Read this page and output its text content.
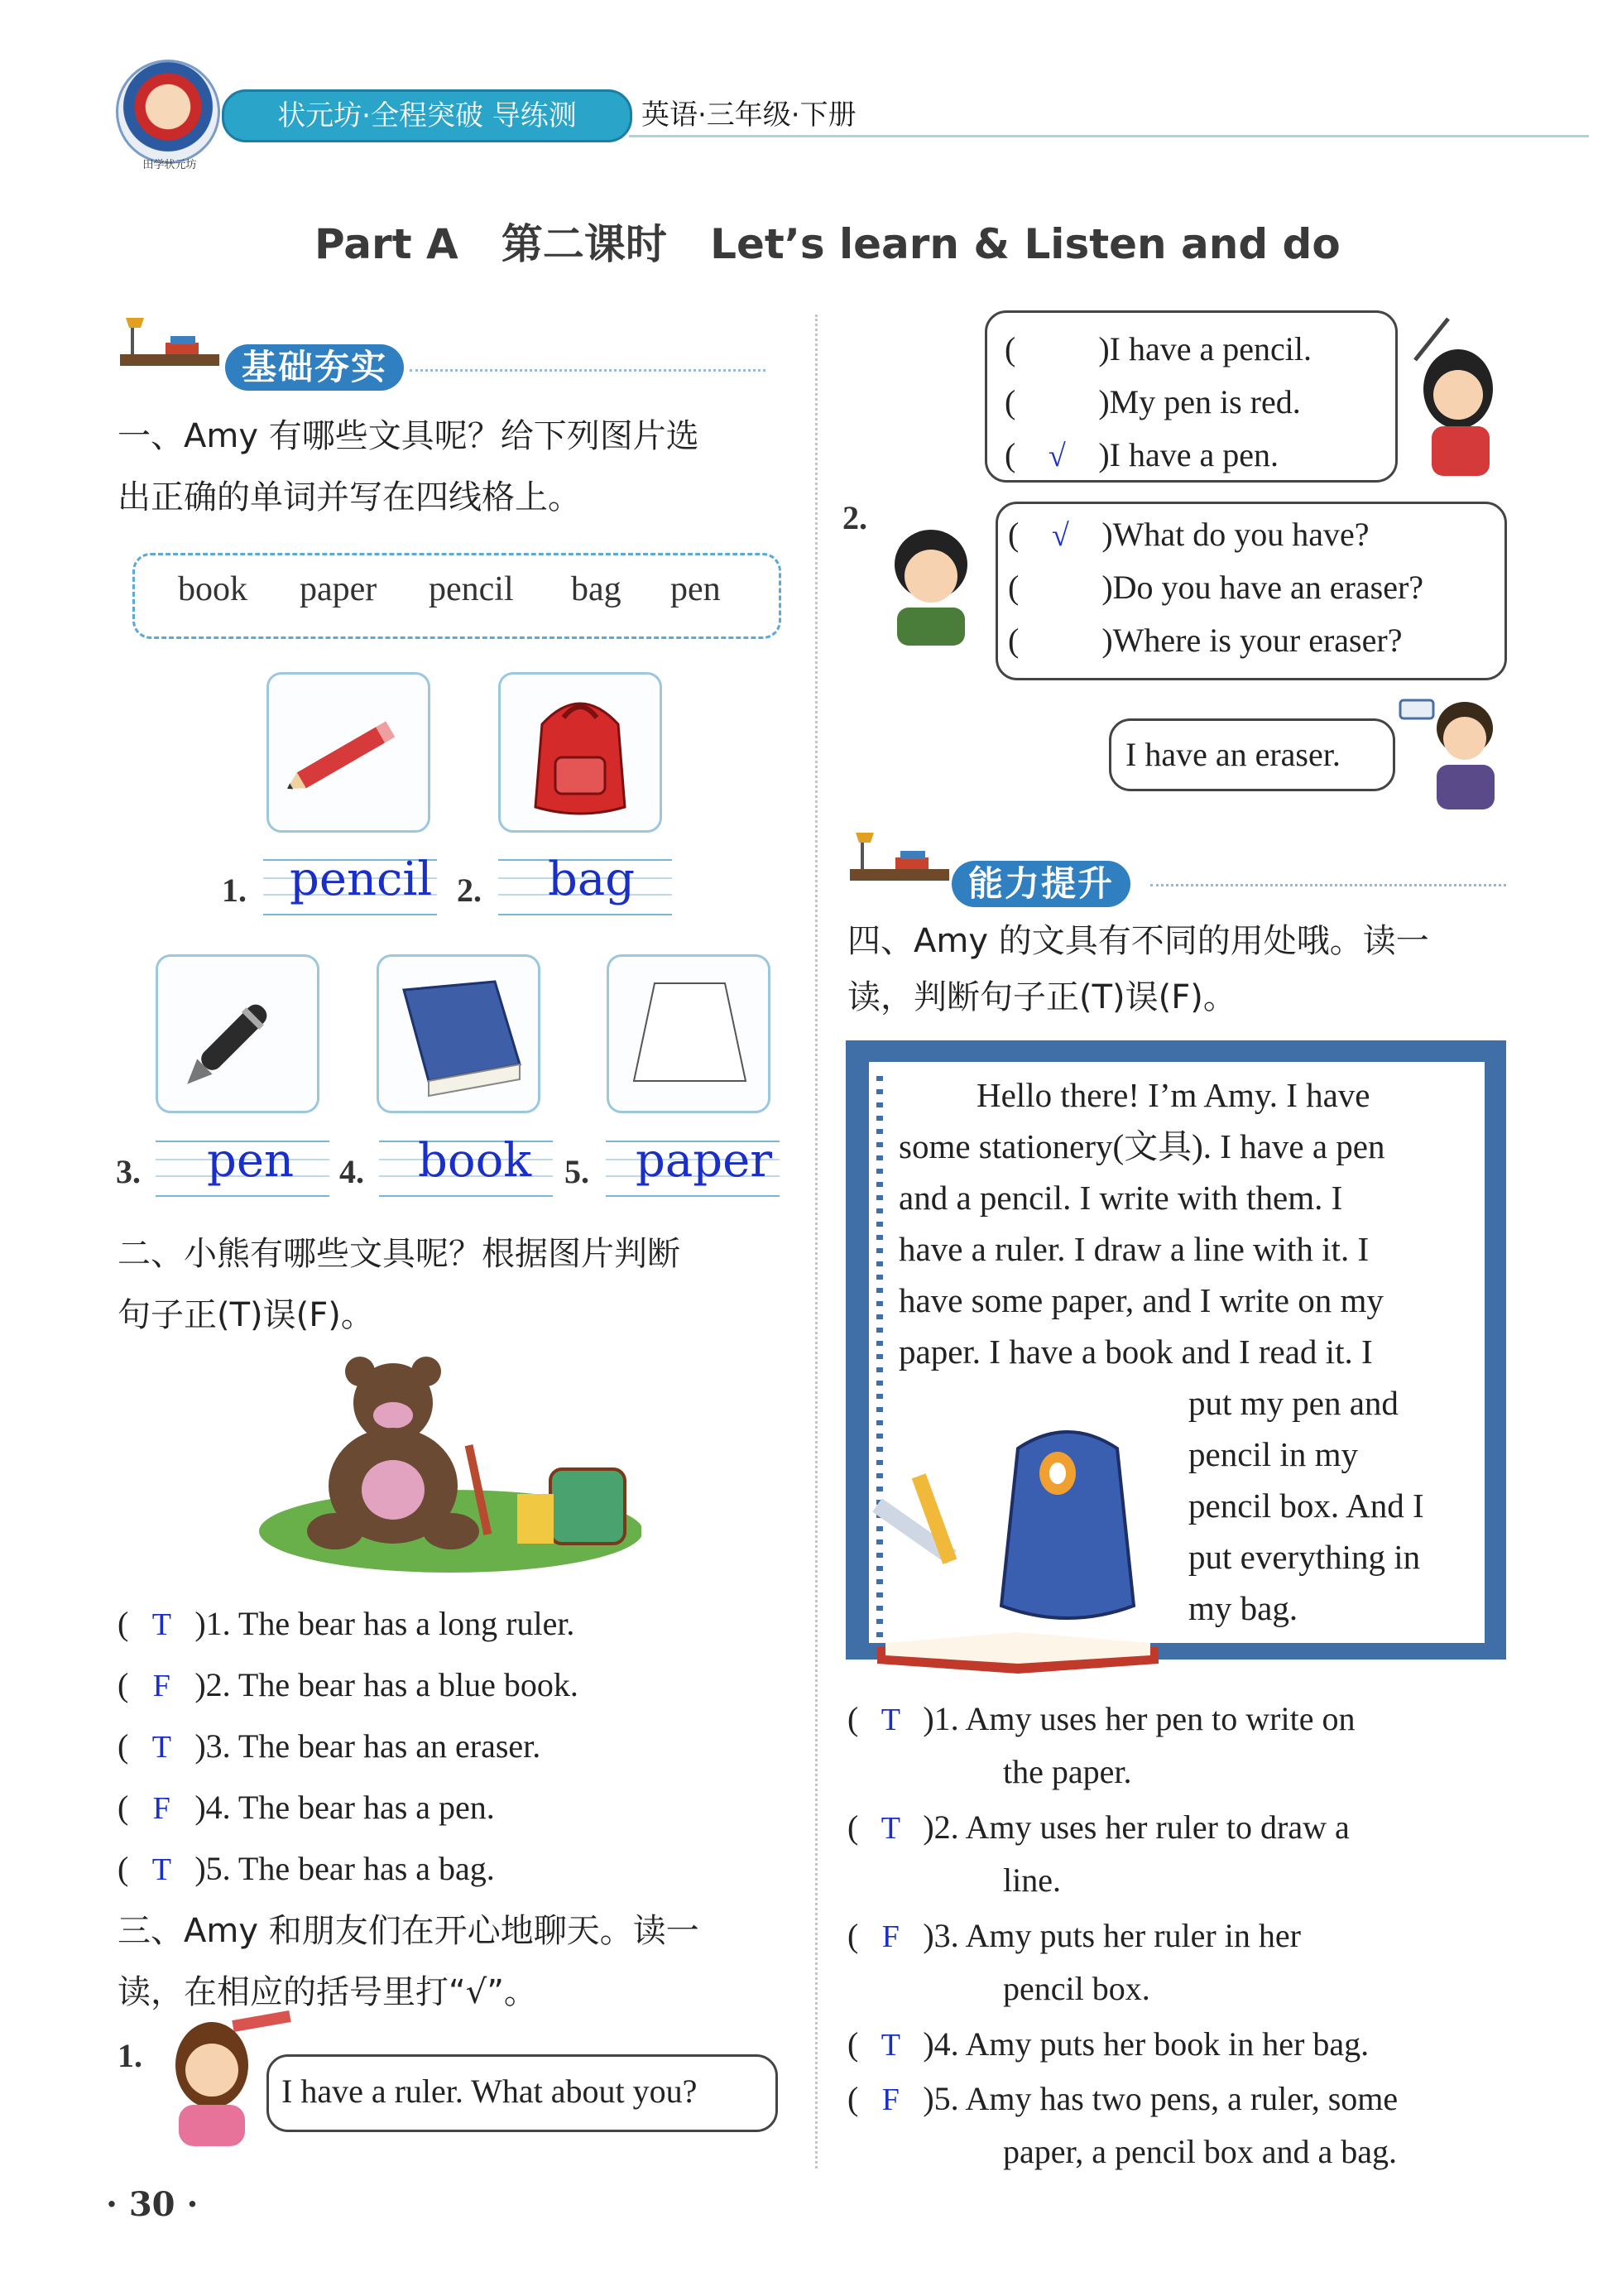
田学状元坊
状元坊·全程突破 导练测	英语·三年级·下册
Part A   第二课时   Let’s learn & Listen and do
基础夯实
一、Amy 有哪些文具呢？给下列图片选
出正确的单词并写在四线格上。
book paper pencil bag pen
1. pencil 2. bag
3. pen 4. book 5. paper
二、小熊有哪些文具呢？根据图片判断
句子正(T)误(F)。
( T )1. The bear has a long ruler.
( F )2. The bear has a blue book.
( T )3. The bear has an eraser.
( F )4. The bear has a pen.
( T )5. The bear has a bag.
三、Amy 和朋友们在开心地聊天。读一
读，在相应的括号里打“√”。
1.
I have a ruler. What about you?
· 30 ·
(	)I have a pencil.
(	)My pen is red.
( √ )I have a pen.
2.	( √ )What do you have?
(	)Do you have an eraser?
(	)Where is your eraser?
I have an eraser.
能力提升
四、Amy 的文具有不同的用处哦。读一
读，判断句子正(T)误(F)。
Hello there! I’m Amy. I have
some stationery(文具). I have a pen
and a pencil. I write with them. I
have a ruler. I draw a line with it. I
have some paper, and I write on my
paper. I have a book and I read it. I
put my pen and
pencil in my
pencil box. And I
put everything in
my bag.
( T )1. Amy uses her pen to write on
the paper.
( T )2. Amy uses her ruler to draw a
line.
( F )3. Amy puts her ruler in her
pencil box.
( T )4. Amy puts her book in her bag.
( F )5. Amy has two pens, a ruler, some
paper, a pencil box and a bag.
